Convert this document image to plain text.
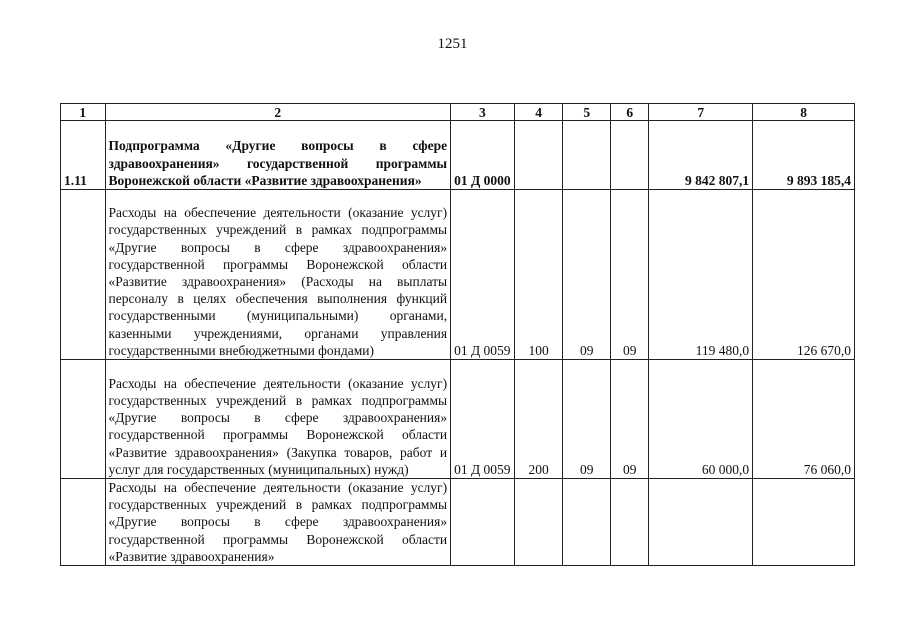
1251
1	2	3	4	5	6	7	8
1.11	Подпрограмма «Другие вопросы в сфере здравоохранения» государственной программы Воронежской области «Развитие здравоохранения»	01 Д 0000				9 842 807,1	9 893 185,4
	Расходы на обеспечение деятельности (оказание услуг) государственных учреждений в рамках подпрограммы «Другие вопросы в сфере здравоохранения» государственной программы Воронежской области «Развитие здравоохранения» (Расходы на выплаты персоналу в целях обеспечения выполнения функций государственными (муниципальными) органами, казенными учреждениями, органами управления государственными внебюджетными фондами)	01 Д 0059	100	09	09	119 480,0	126 670,0
	Расходы на обеспечение деятельности (оказание услуг) государственных учреждений в рамках подпрограммы «Другие вопросы в сфере здравоохранения» государственной программы Воронежской области «Развитие здравоохранения» (Закупка товаров, работ и услуг для государственных (муниципальных) нужд)	01 Д 0059	200	09	09	60 000,0	76 060,0
	Расходы на обеспечение деятельности (оказание услуг) государственных учреждений в рамках подпрограммы «Другие вопросы в сфере здравоохранения» государственной программы Воронежской области «Развитие здравоохранения»						
